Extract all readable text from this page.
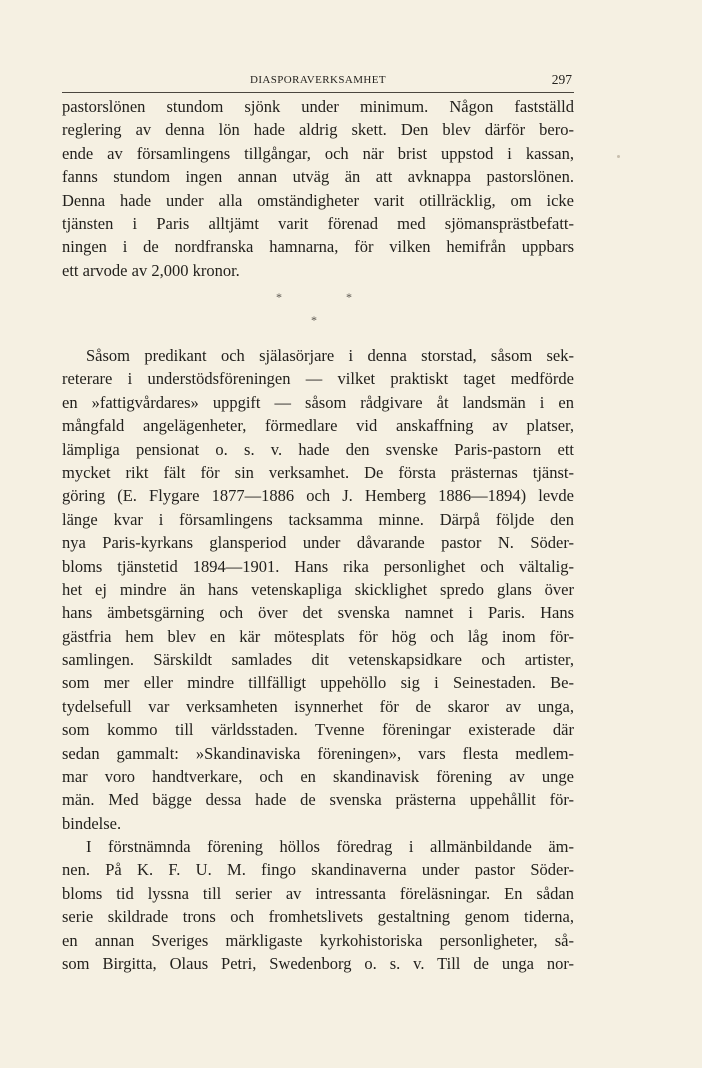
DIASPORAVERKSAMHET	297
pastorslönen stundom sjönk under minimum. Någon fastställd
reglering av denna lön hade aldrig skett. Den blev därför bero-
ende av församlingens tillgångar, och när brist uppstod i kassan,
fanns stundom ingen annan utväg än att avknappa pastorslönen.
Denna hade under alla omständigheter varit otillräcklig, om icke
tjänsten i Paris alltjämt varit förenad med sjömansprästbefatt-
ningen i de nordfranska hamnarna, för vilken hemifrån uppbars
ett arvode av 2,000 kronor.
*	*
*
Såsom predikant och själasörjare i denna storstad, såsom sek-
reterare i understödsföreningen — vilket praktiskt taget medförde
en »fattigvårdares» uppgift — såsom rådgivare åt landsmän i en
mångfald angelägenheter, förmedlare vid anskaffning av platser,
lämpliga pensionat o. s. v. hade den svenske Paris-pastorn ett
mycket rikt fält för sin verksamhet. De första prästernas tjänst-
göring (E. Flygare 1877—1886 och J. Hemberg 1886—1894) levde
länge kvar i församlingens tacksamma minne. Därpå följde den
nya Paris-kyrkans glansperiod under dåvarande pastor N. Söder-
bloms tjänstetid 1894—1901. Hans rika personlighet och vältalig-
het ej mindre än hans vetenskapliga skicklighet spredo glans över
hans ämbetsgärning och över det svenska namnet i Paris. Hans
gästfria hem blev en kär mötesplats för hög och låg inom för-
samlingen. Särskildt samlades dit vetenskapsidkare och artister,
som mer eller mindre tillfälligt uppehöllo sig i Seinestaden. Be-
tydelsefull var verksamheten isynnerhet för de skaror av unga,
som kommo till världsstaden. Tvenne föreningar existerade där
sedan gammalt: »Skandinaviska föreningen», vars flesta medlem-
mar voro handtverkare, och en skandinavisk förening av unge
män. Med bägge dessa hade de svenska prästerna uppehållit för-
bindelse.
I förstnämnda förening höllos föredrag i allmänbildande äm-
nen. På K. F. U. M. fingo skandinaverna under pastor Söder-
bloms tid lyssna till serier av intressanta föreläsningar. En sådan
serie skildrade trons och fromhetslivets gestaltning genom tiderna,
en annan Sveriges märkligaste kyrkohistoriska personligheter, så-
som Birgitta, Olaus Petri, Swedenborg o. s. v. Till de unga nor-
